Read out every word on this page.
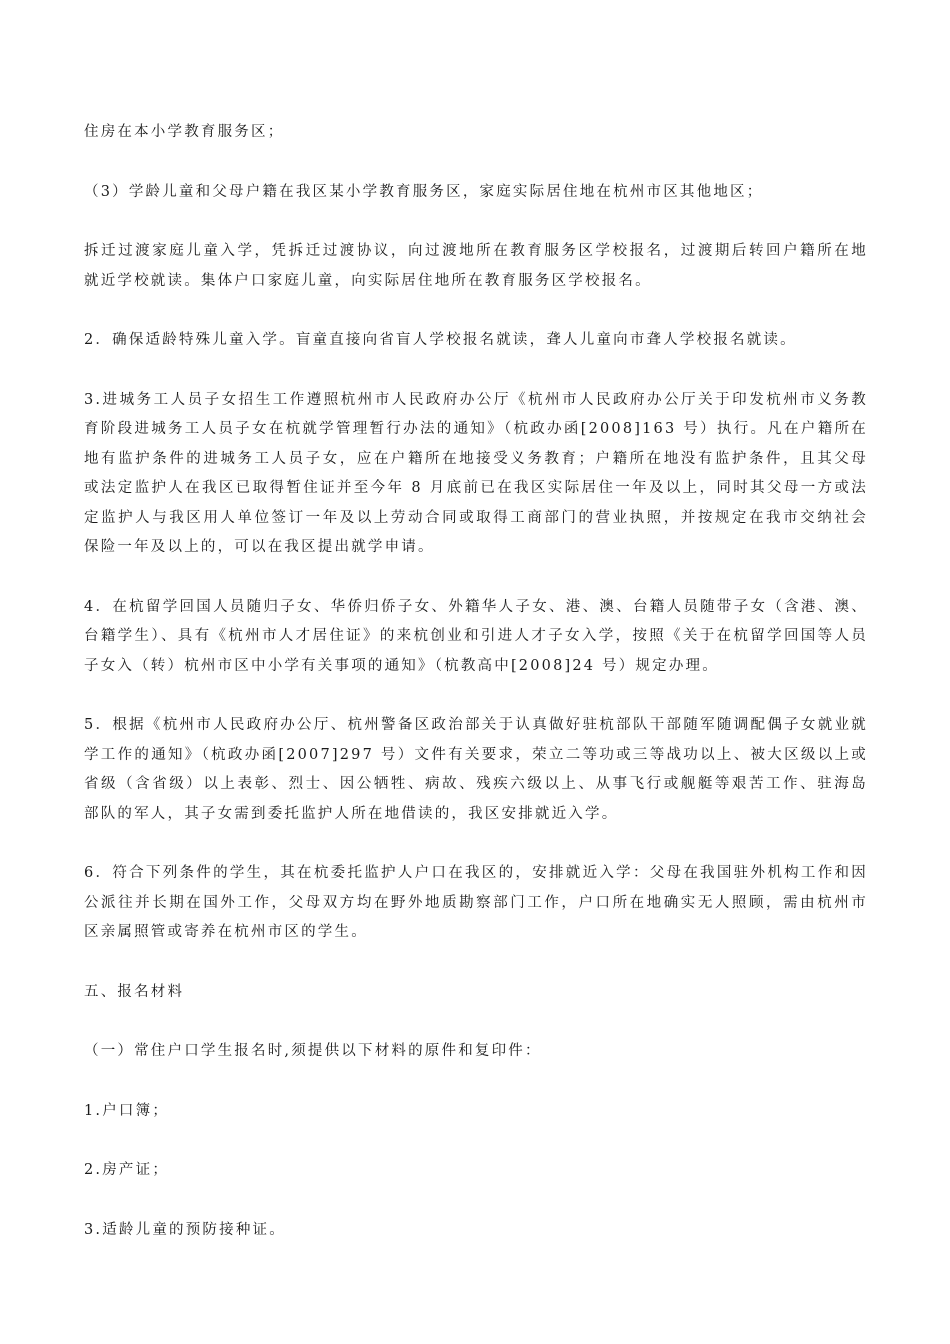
住房在本小学教育服务区；

（3）学龄儿童和父母户籍在我区某小学教育服务区，家庭实际居住地在杭州市区其他地区；

拆迁过渡家庭儿童入学，凭拆迁过渡协议，向过渡地所在教育服务区学校报名，过渡期后转回户籍所在地就近学校就读。集体户口家庭儿童，向实际居住地所在教育服务区学校报名。

2．确保适龄特殊儿童入学。盲童直接向省盲人学校报名就读，聋人儿童向市聋人学校报名就读。

3.进城务工人员子女招生工作遵照杭州市人民政府办公厅《杭州市人民政府办公厅关于印发杭州市义务教育阶段进城务工人员子女在杭就学管理暂行办法的通知》（杭政办函[2008]163 号）执行。凡在户籍所在地有监护条件的进城务工人员子女，应在户籍所在地接受义务教育；户籍所在地没有监护条件，且其父母或法定监护人在我区已取得暂住证并至今年 8 月底前已在我区实际居住一年及以上，同时其父母一方或法定监护人与我区用人单位签订一年及以上劳动合同或取得工商部门的营业执照，并按规定在我市交纳社会保险一年及以上的，可以在我区提出就学申请。

4．在杭留学回国人员随归子女、华侨归侨子女、外籍华人子女、港、澳、台籍人员随带子女（含港、澳、台籍学生）、具有《杭州市人才居住证》的来杭创业和引进人才子女入学，按照《关于在杭留学回国等人员子女入（转）杭州市区中小学有关事项的通知》（杭教高中[2008]24 号）规定办理。

5．根据《杭州市人民政府办公厅、杭州警备区政治部关于认真做好驻杭部队干部随军随调配偶子女就业就学工作的通知》（杭政办函[2007]297 号）文件有关要求，荣立二等功或三等战功以上、被大区级以上或省级（含省级）以上表彰、烈士、因公牺牲、病故、残疾六级以上、从事飞行或舰艇等艰苦工作、驻海岛部队的军人，其子女需到委托监护人所在地借读的，我区安排就近入学。

6．符合下列条件的学生，其在杭委托监护人户口在我区的，安排就近入学：父母在我国驻外机构工作和因公派往并长期在国外工作，父母双方均在野外地质勘察部门工作，户口所在地确实无人照顾，需由杭州市区亲属照管或寄养在杭州市区的学生。

五、报名材料

（一）常住户口学生报名时,须提供以下材料的原件和复印件：

1.户口簿；

2.房产证；

3.适龄儿童的预防接种证。
